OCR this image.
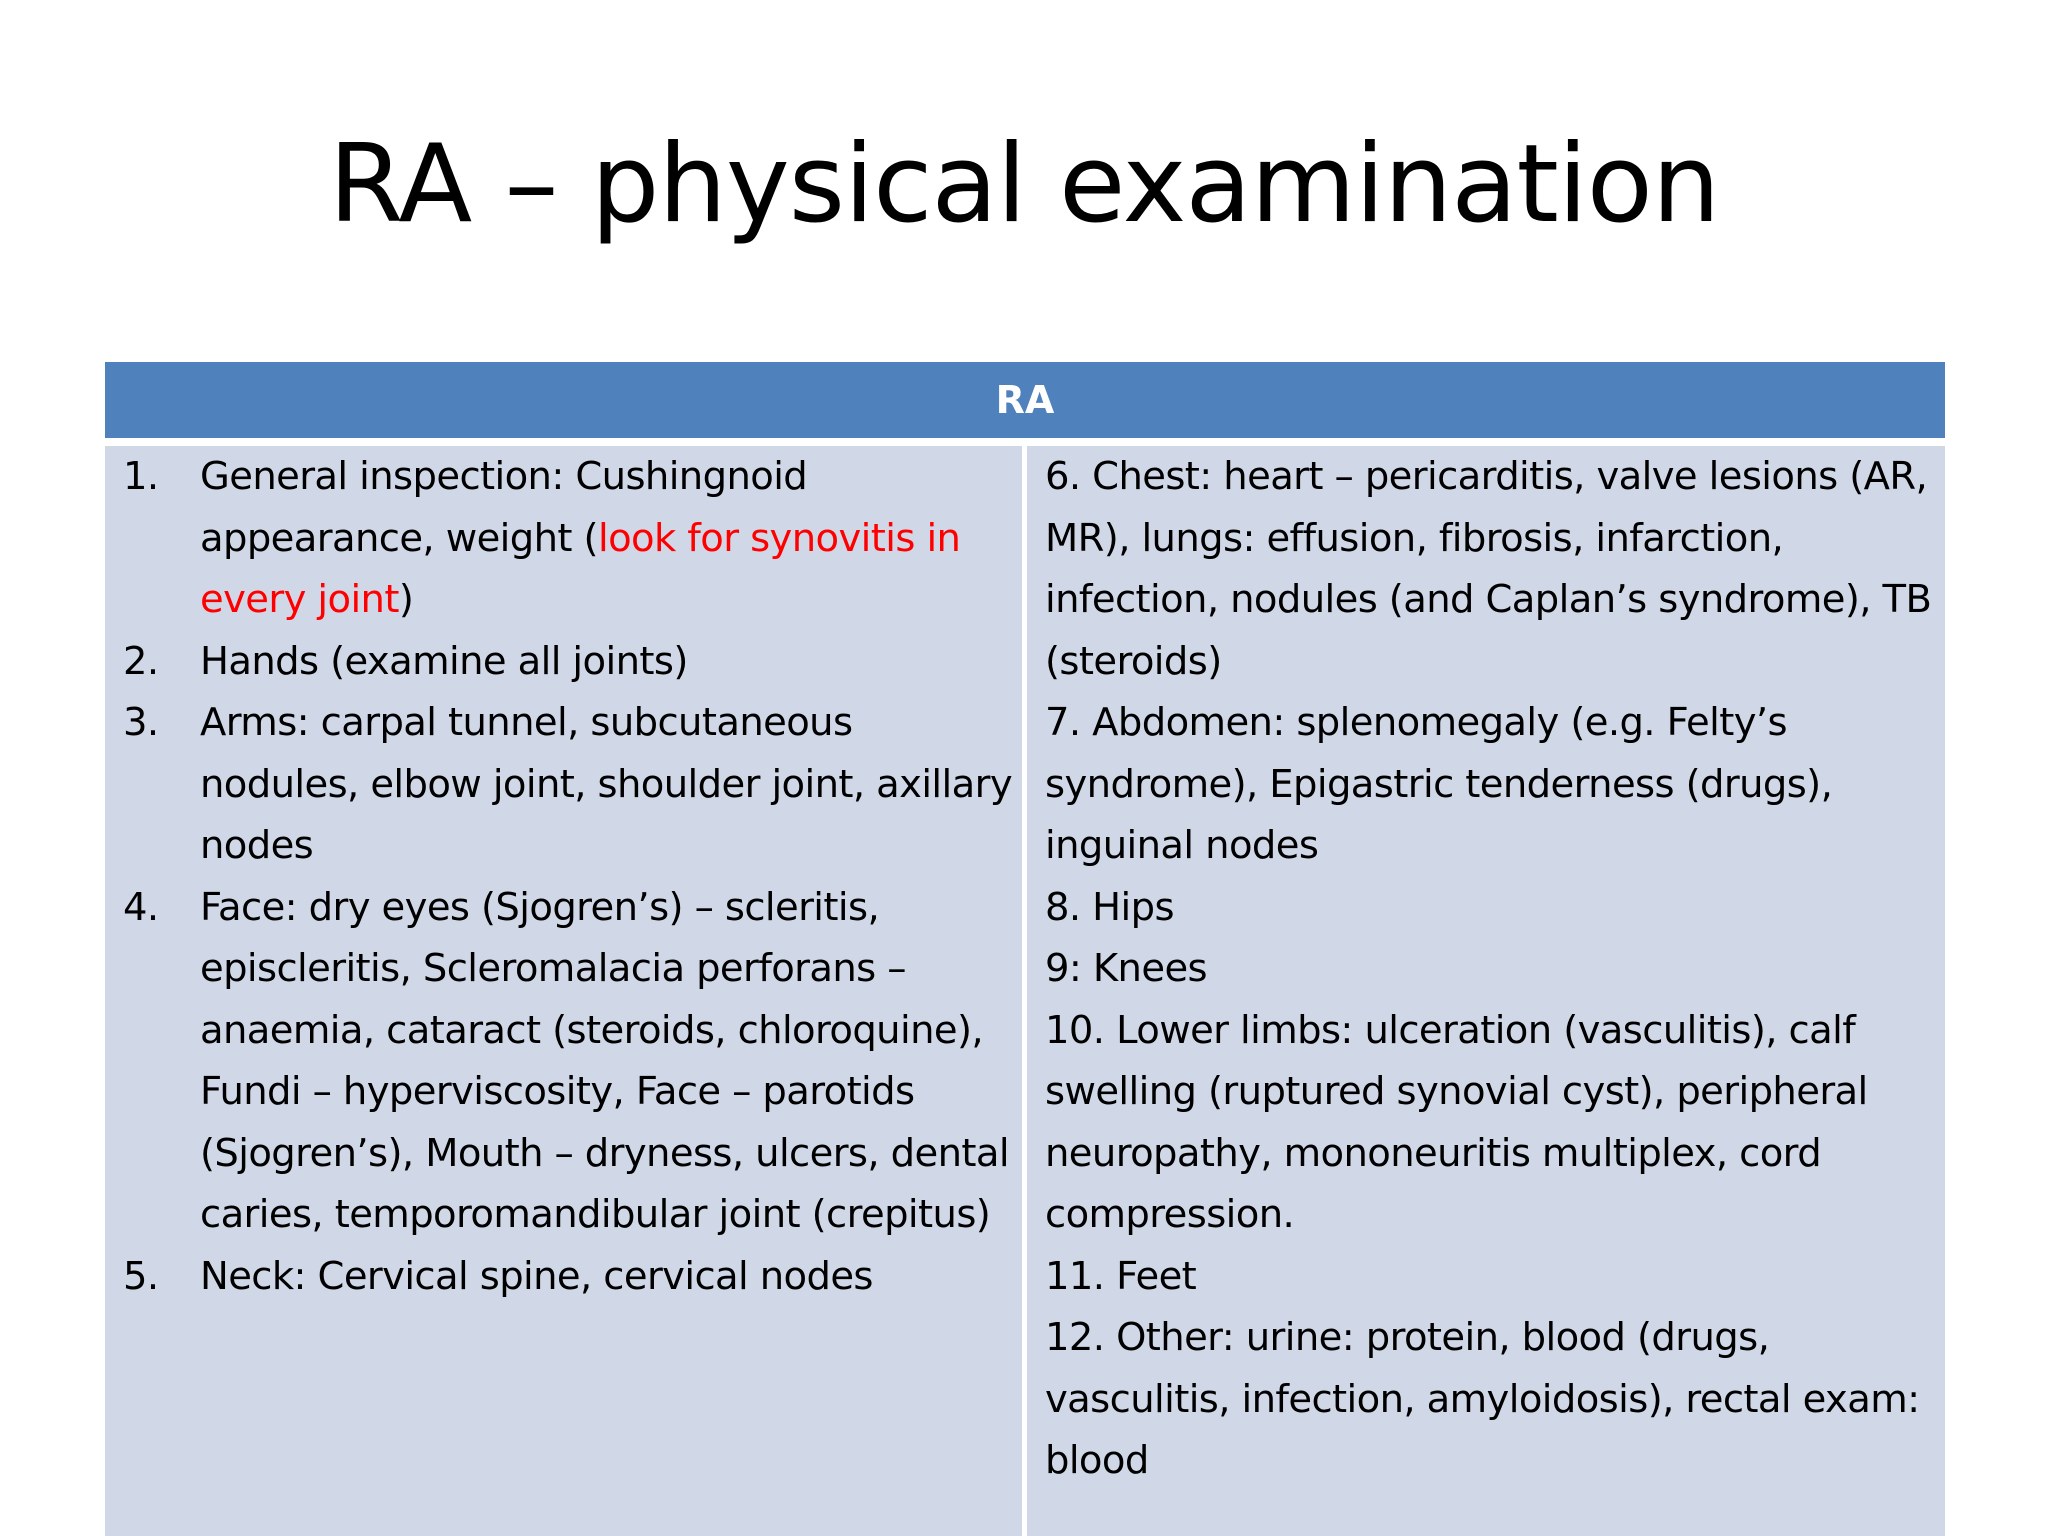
RA – physical examination
RA
1. General inspection: Cushingnoid appearance, weight (look for synovitis in every joint)
2. Hands (examine all joints)
3. Arms: carpal tunnel, subcutaneous nodules, elbow joint, shoulder joint, axillary nodes
4. Face: dry eyes (Sjogren’s) – scleritis, episcleritis, Scleromalacia perforans – anaemia, cataract (steroids, chloroquine), Fundi – hyperviscosity, Face – parotids (Sjogren’s), Mouth – dryness, ulcers, dental caries, temporomandibular joint (crepitus)
5. Neck: Cervical spine, cervical nodes
6. Chest: heart – pericarditis, valve lesions (AR, MR), lungs: effusion, fibrosis, infarction, infection, nodules (and Caplan’s syndrome), TB (steroids)
7. Abdomen: splenomegaly (e.g. Felty’s syndrome), Epigastric tenderness (drugs), inguinal nodes
8. Hips
9: Knees
10. Lower limbs: ulceration (vasculitis), calf swelling (ruptured synovial cyst), peripheral neuropathy, mononeuritis multiplex, cord compression.
11. Feet
12. Other: urine: protein, blood (drugs, vasculitis, infection, amyloidosis), rectal exam: blood
